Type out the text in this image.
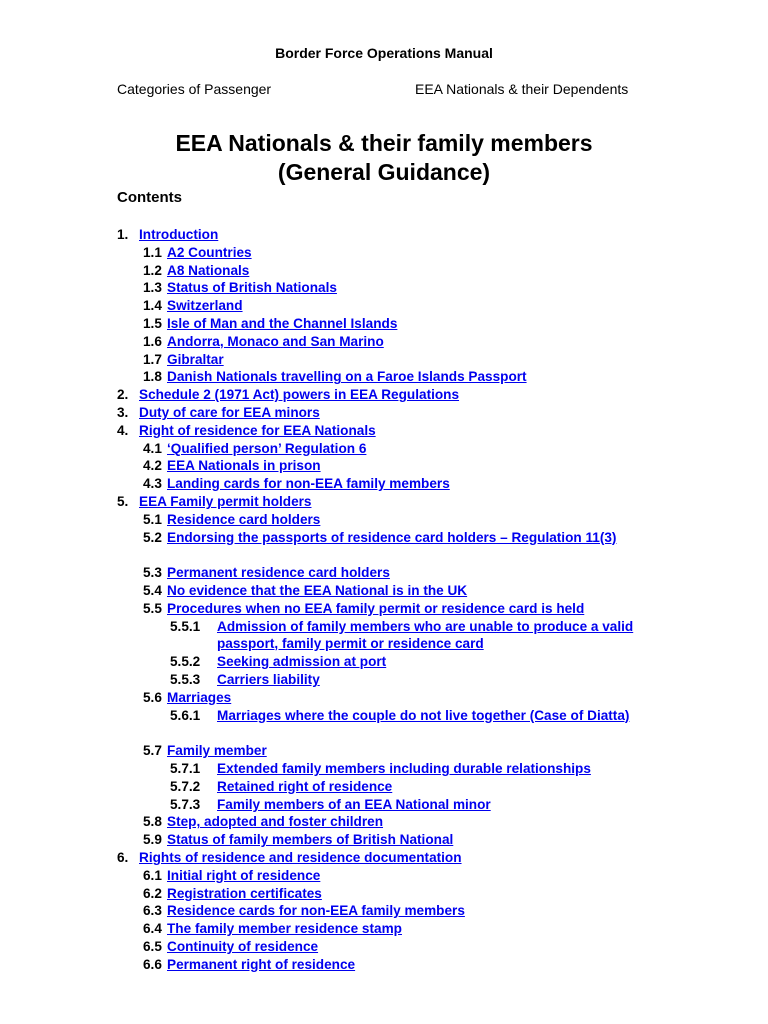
Border Force Operations Manual
Categories of Passenger	EEA Nationals & their Dependents
EEA Nationals & their family members
(General Guidance)
Contents
1. Introduction
1.1 A2 Countries
1.2 A8 Nationals
1.3 Status of British Nationals
1.4 Switzerland
1.5 Isle of Man and the Channel Islands
1.6 Andorra, Monaco and San Marino
1.7 Gibraltar
1.8 Danish Nationals travelling on a Faroe Islands Passport
2. Schedule 2 (1971 Act) powers in EEA Regulations
3. Duty of care for EEA minors
4. Right of residence for EEA Nationals
4.1 ‘Qualified person’ Regulation 6
4.2 EEA Nationals in prison
4.3 Landing cards for non-EEA family members
5. EEA Family permit holders
5.1 Residence card holders
5.2 Endorsing the passports of residence card holders – Regulation 11(3)
5.3 Permanent residence card holders
5.4 No evidence that the EEA National is in the UK
5.5 Procedures when no EEA family permit or residence card is held
5.5.1 Admission of family members who are unable to produce a valid passport, family permit or residence card
5.5.2 Seeking admission at port
5.5.3 Carriers liability
5.6 Marriages
5.6.1 Marriages where the couple do not live together (Case of Diatta)
5.7 Family member
5.7.1 Extended family members including durable relationships
5.7.2 Retained right of residence
5.7.3 Family members of an EEA National minor
5.8 Step, adopted and foster children
5.9 Status of family members of British National
6. Rights of residence and residence documentation
6.1 Initial right of residence
6.2 Registration certificates
6.3 Residence cards for non-EEA family members
6.4 The family member residence stamp
6.5 Continuity of residence
6.6 Permanent right of residence
